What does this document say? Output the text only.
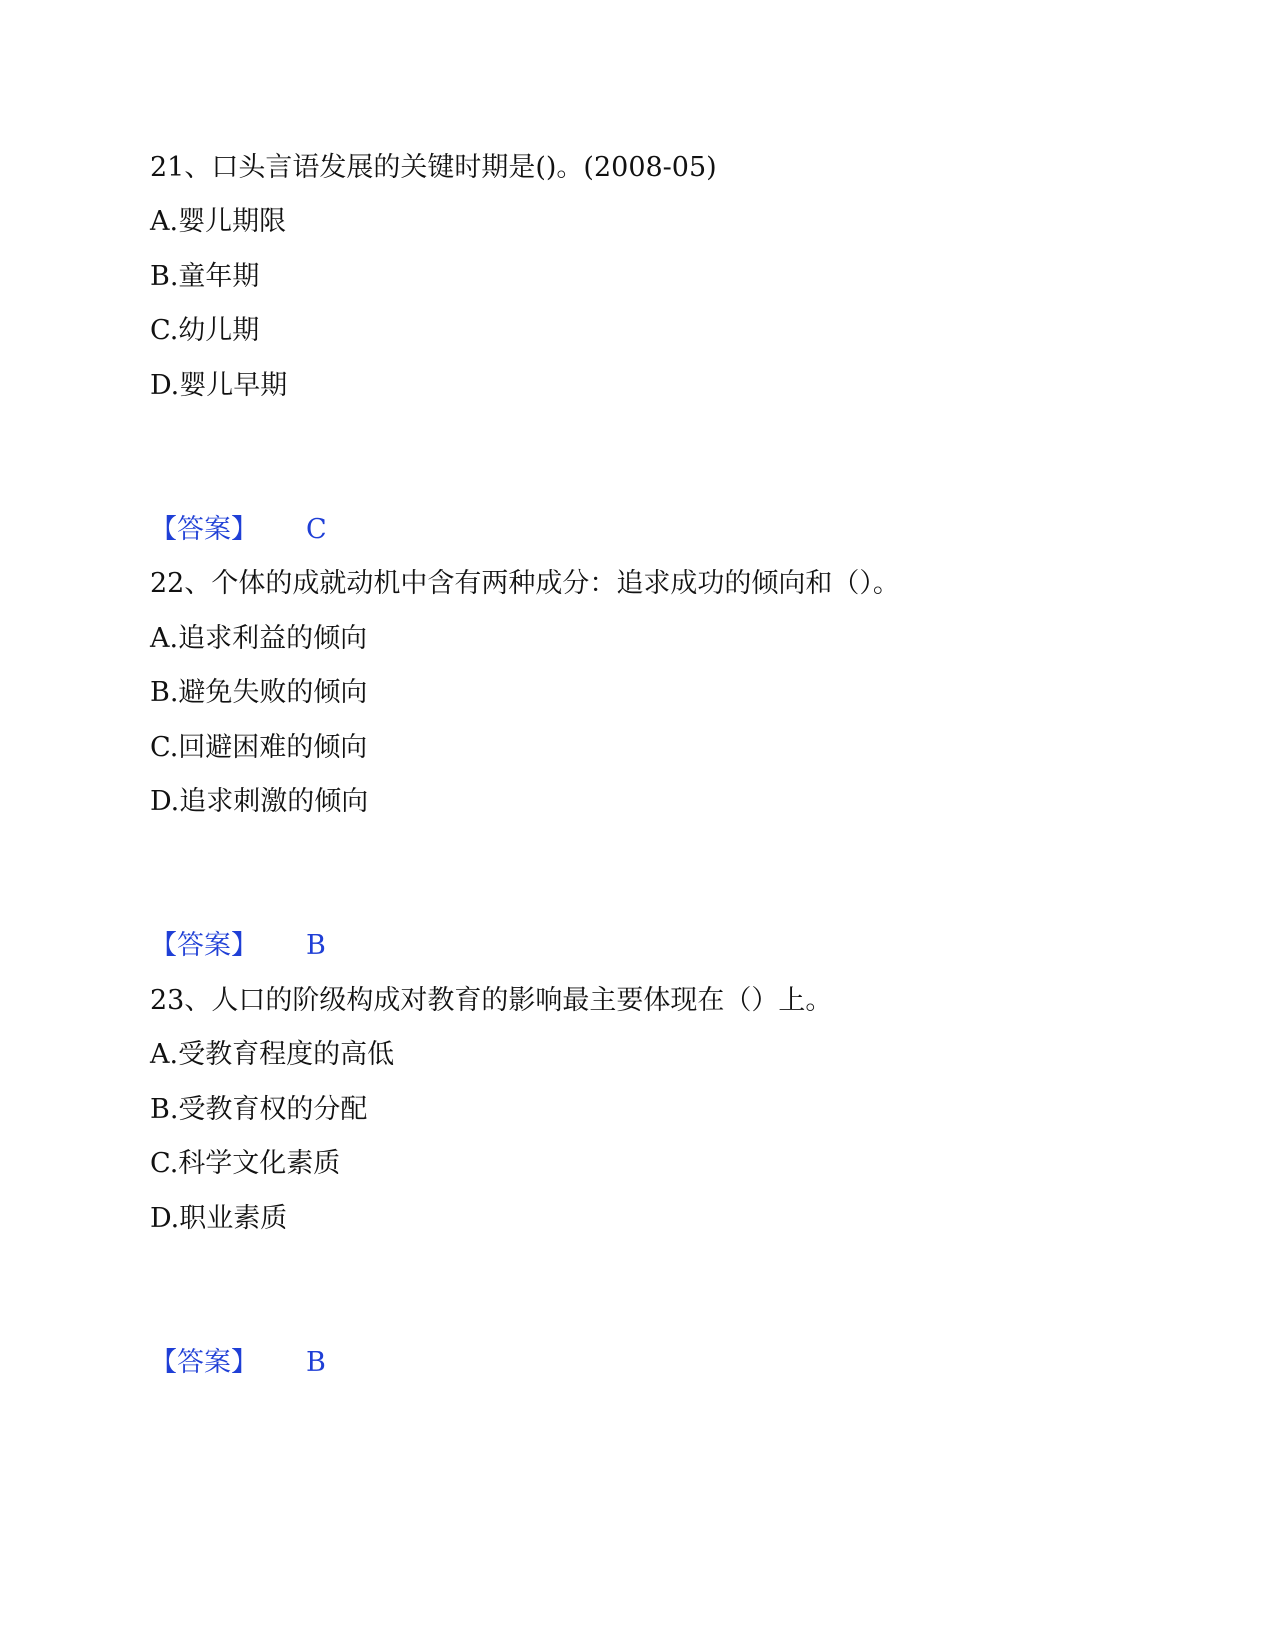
21、口头言语发展的关键时期是()。(2008-05)
A.婴儿期限
B.童年期
C.幼儿期
D.婴儿早期
【答案】 C
22、个体的成就动机中含有两种成分：追求成功的倾向和（）。
A.追求利益的倾向
B.避免失败的倾向
C.回避困难的倾向
D.追求刺激的倾向
【答案】 B
23、人口的阶级构成对教育的影响最主要体现在（）上。
A.受教育程度的高低
B.受教育权的分配
C.科学文化素质
D.职业素质
【答案】 B
